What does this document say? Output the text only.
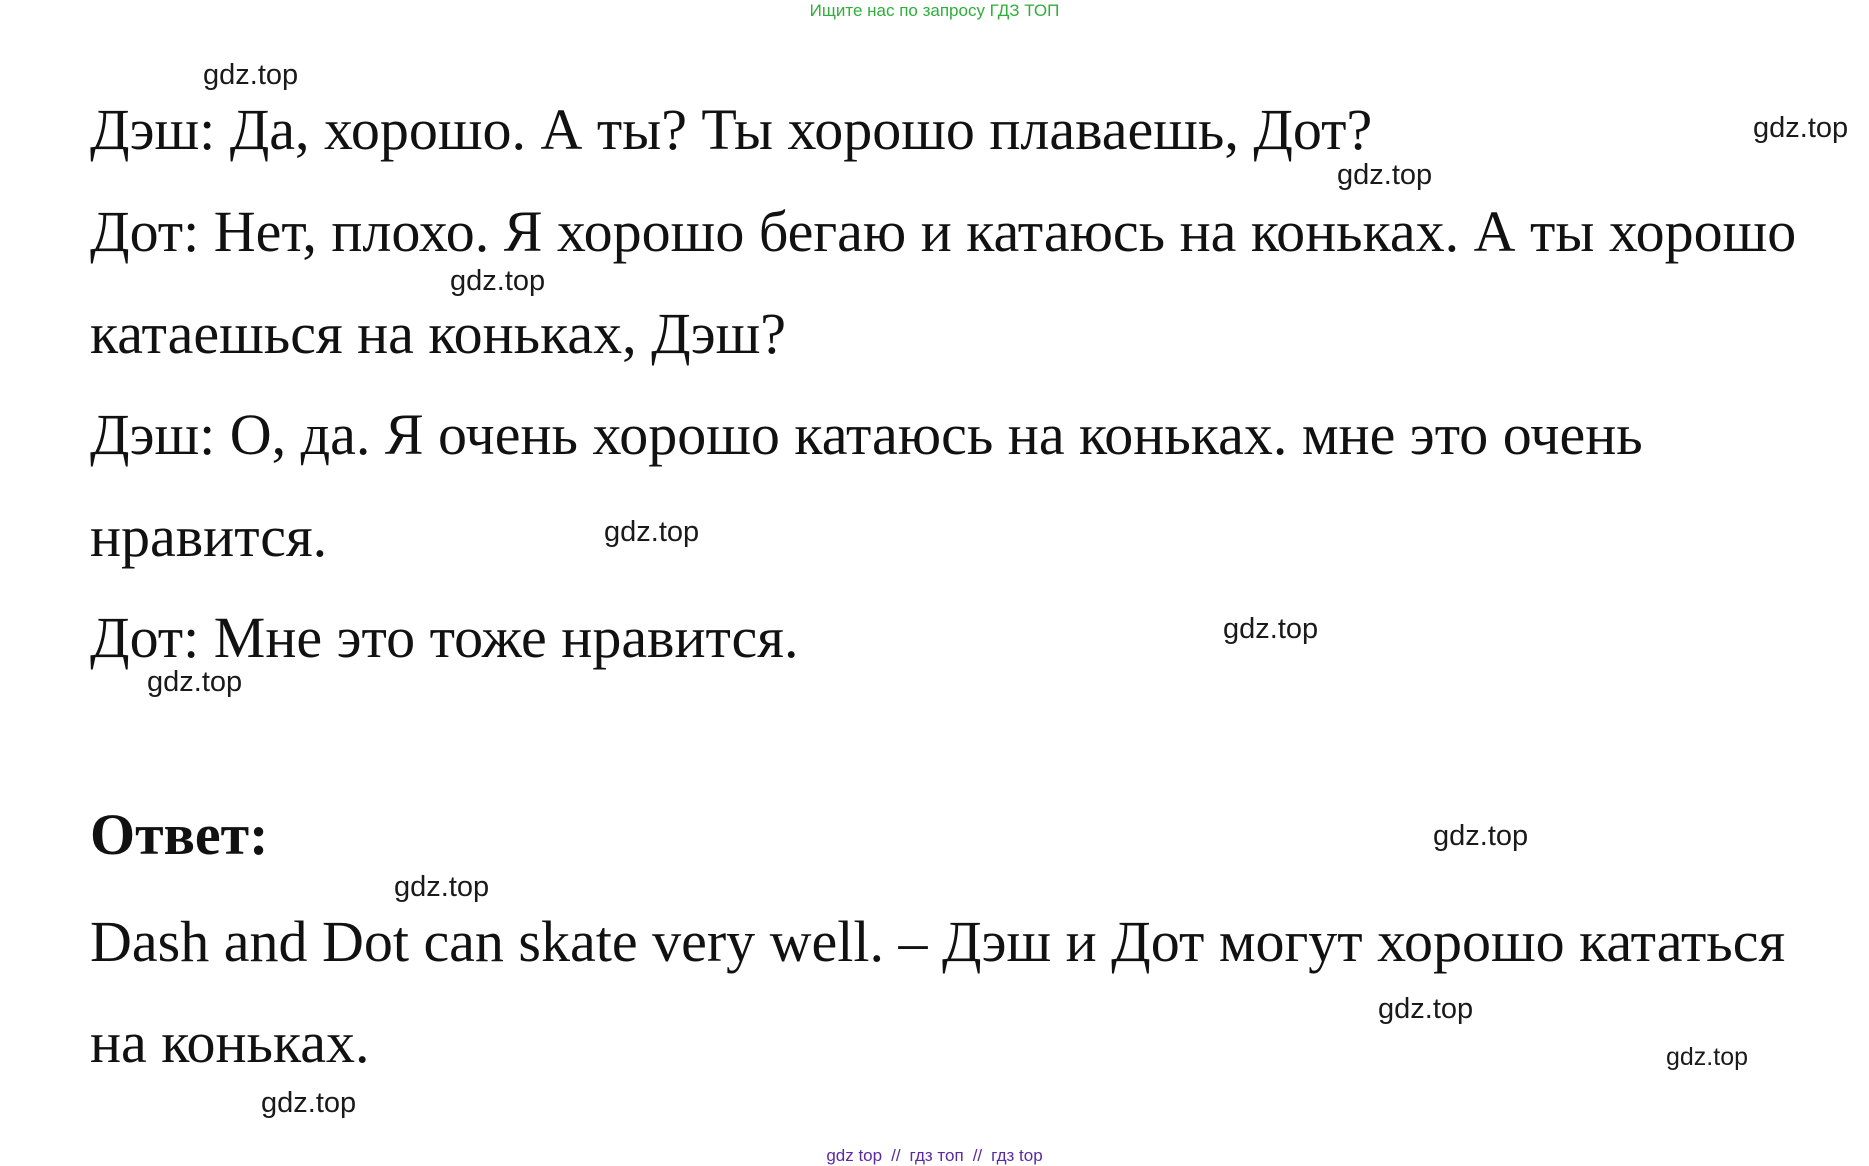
Ищите нас по запросу ГДЗ ТОП
Дэш: Да, хорошо. А ты? Ты хорошо плаваешь, Дот?
Дот: Нет, плохо. Я хорошо бегаю и катаюсь на коньках. А ты хорошо
катаешься на коньках, Дэш?
Дэш: О, да. Я очень хорошо катаюсь на коньках. мне это очень
нравится.
Дот: Мне это тоже нравится.
Ответ:
Dash and Dot can skate very well. – Дэш и Дот могут хорошо кататься
на коньках.
gdz.top
gdz.top
gdz.top
gdz.top
gdz.top
gdz.top
gdz.top
gdz.top
gdz.top
gdz.top
gdz.top
gdz.top
gdz top // гдз топ // гдз top
